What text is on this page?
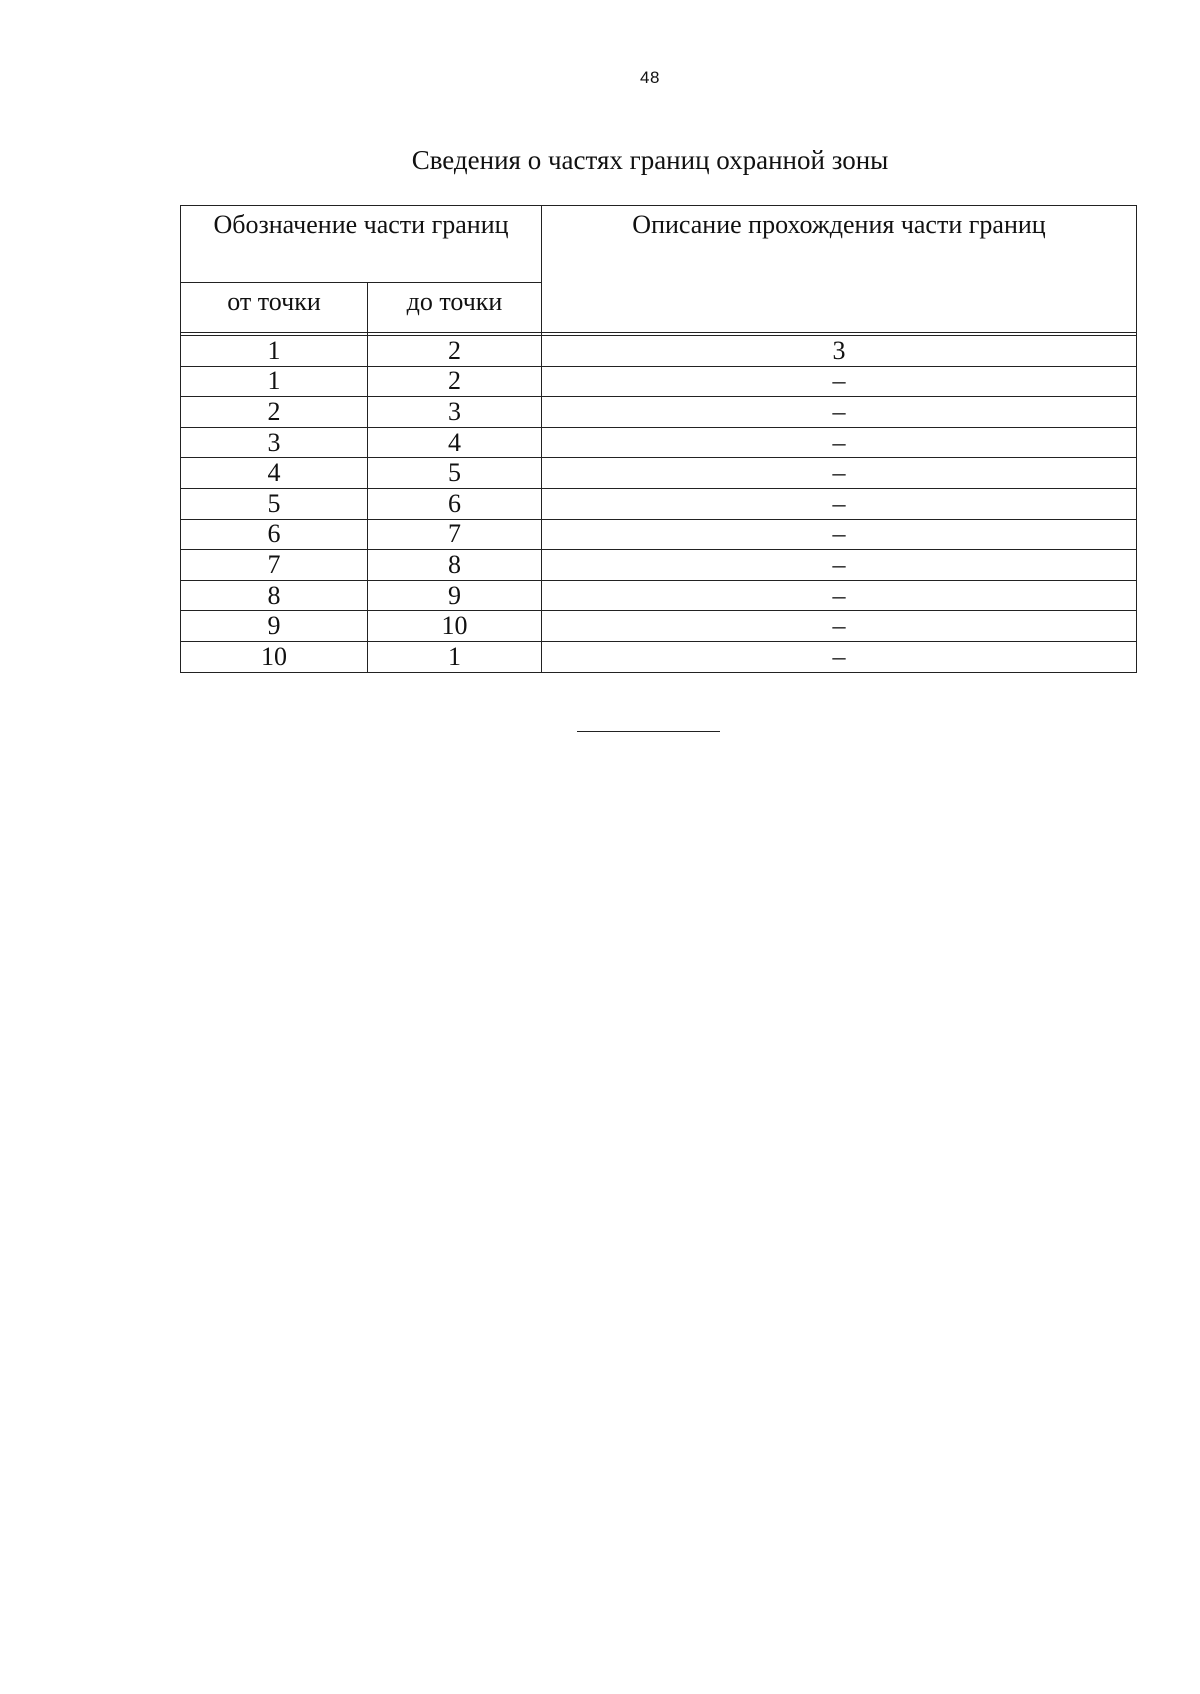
48
Сведения о частях границ охранной зоны
Обозначение части границ		Описание прохождения части границ
от точки	до точки	

1	2	3
1	2	–
2	3	–
3	4	–
4	5	–
5	6	–
6	7	–
7	8	–
8	9	–
9	10	–
10	1	–
